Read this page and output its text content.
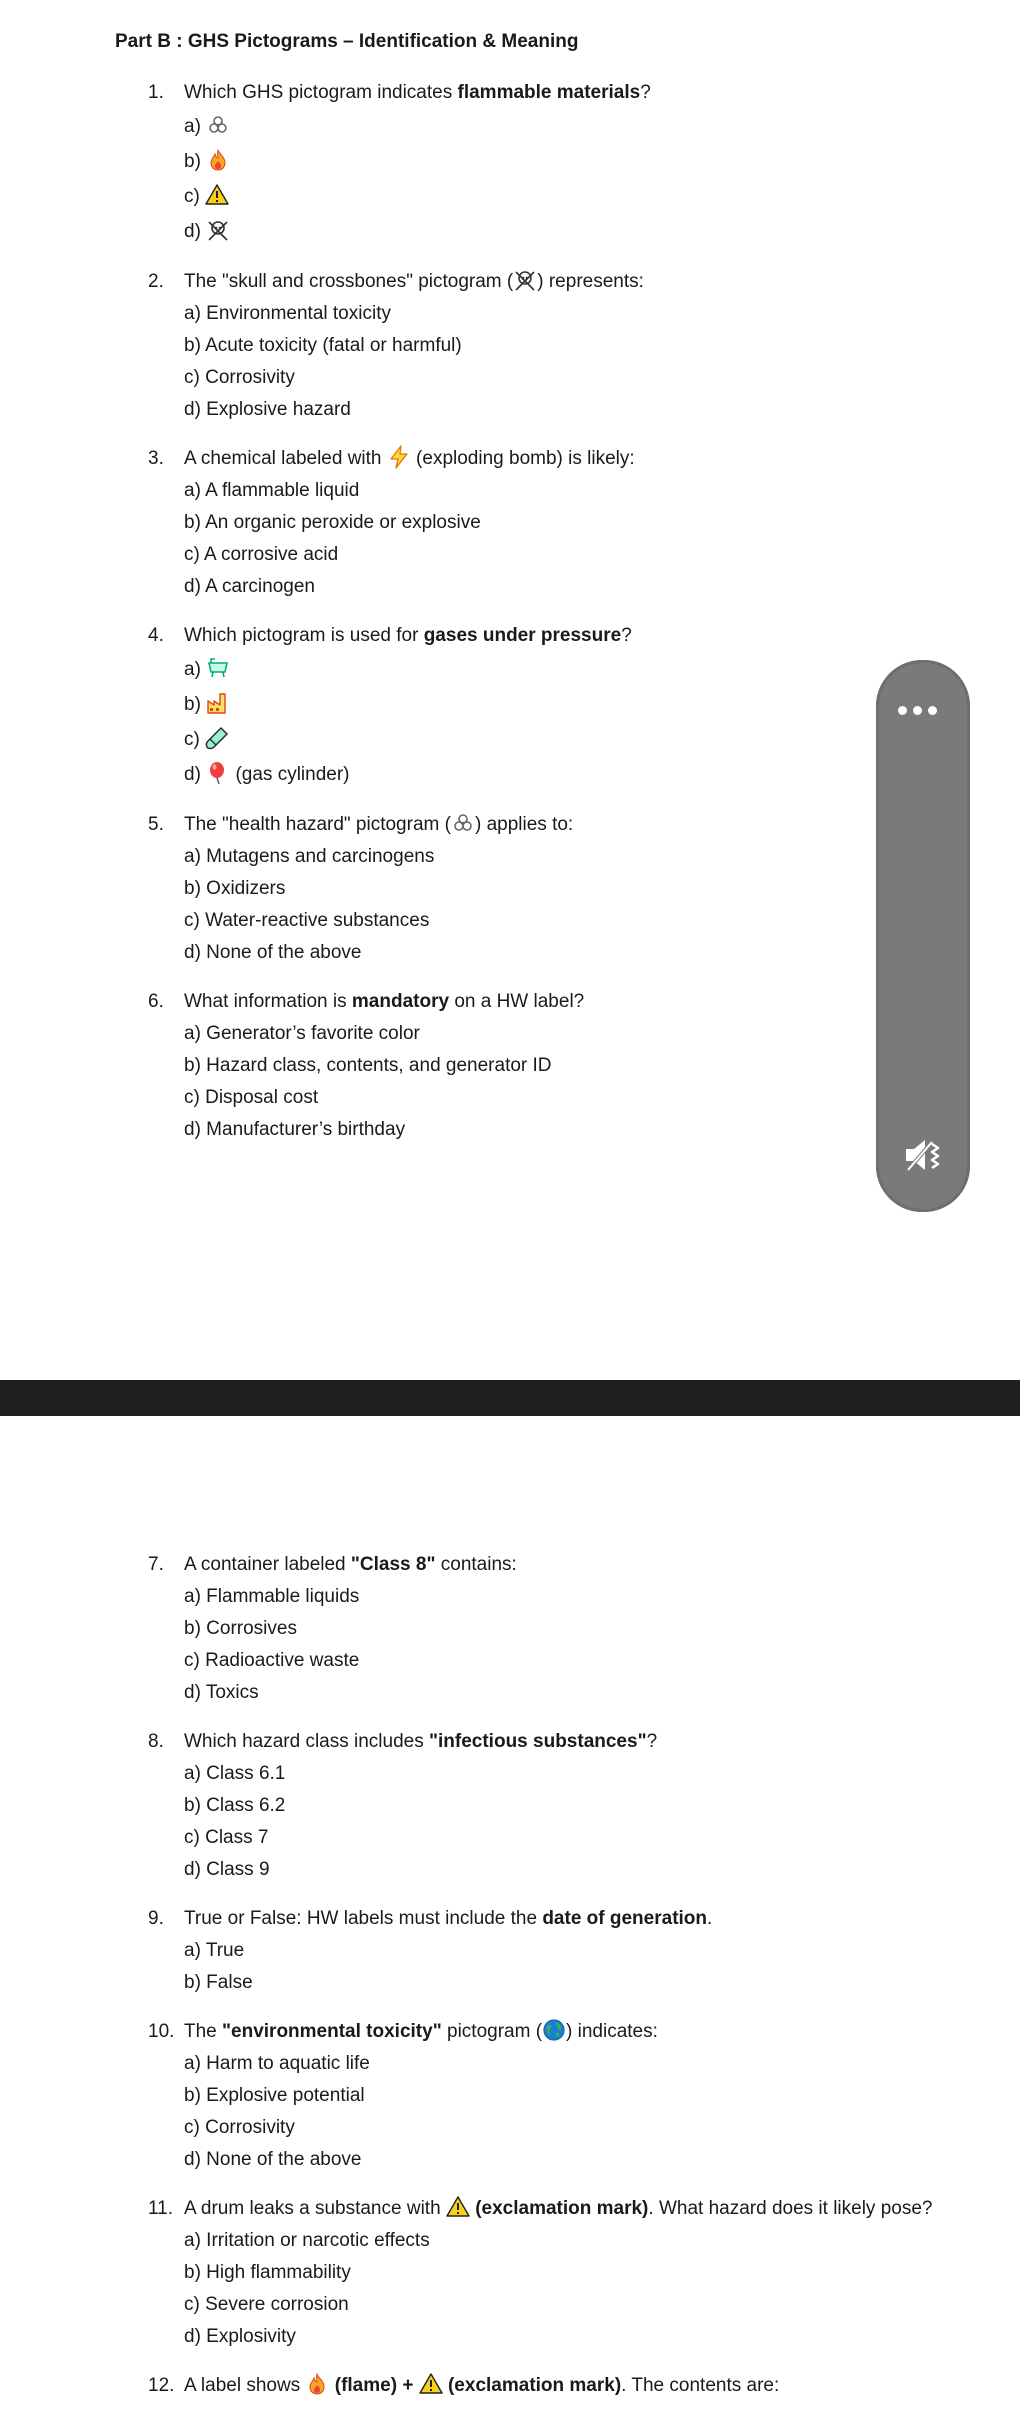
Part B : GHS Pictograms – Identification & Meaning
1.	Which GHS pictogram indicates flammable materials?
a)
b)
c)
d)
2.	The "skull and crossbones" pictogram ( ) represents:
a) Environmental toxicity
b) Acute toxicity (fatal or harmful)
c) Corrosivity
d) Explosive hazard
3.	A chemical labeled with  (exploding bomb) is likely:
a) A flammable liquid
b) An organic peroxide or explosive
c) A corrosive acid
d) A carcinogen
4.	Which pictogram is used for gases under pressure?
a)
b)
c)
d)  (gas cylinder)
5.	The "health hazard" pictogram ( ) applies to:
a) Mutagens and carcinogens
b) Oxidizers
c) Water-reactive substances
d) None of the above
6.	What information is mandatory on a HW label?
a) Generator’s favorite color
b) Hazard class, contents, and generator ID
c) Disposal cost
d) Manufacturer’s birthday
7.	A container labeled "Class 8" contains:
a) Flammable liquids
b) Corrosives
c) Radioactive waste
d) Toxics
8.	Which hazard class includes "infectious substances"?
a) Class 6.1
b) Class 6.2
c) Class 7
d) Class 9
9.	True or False: HW labels must include the date of generation.
a) True
b) False
10. The "environmental toxicity" pictogram ( ) indicates:
a) Harm to aquatic life
b) Explosive potential
c) Corrosivity
d) None of the above
11. A drum leaks a substance with  (exclamation mark). What hazard does it likely pose?
a) Irritation or narcotic effects
b) High flammability
c) Severe corrosion
d) Explosivity
12. A label shows  (flame) +  (exclamation mark). The contents are:
